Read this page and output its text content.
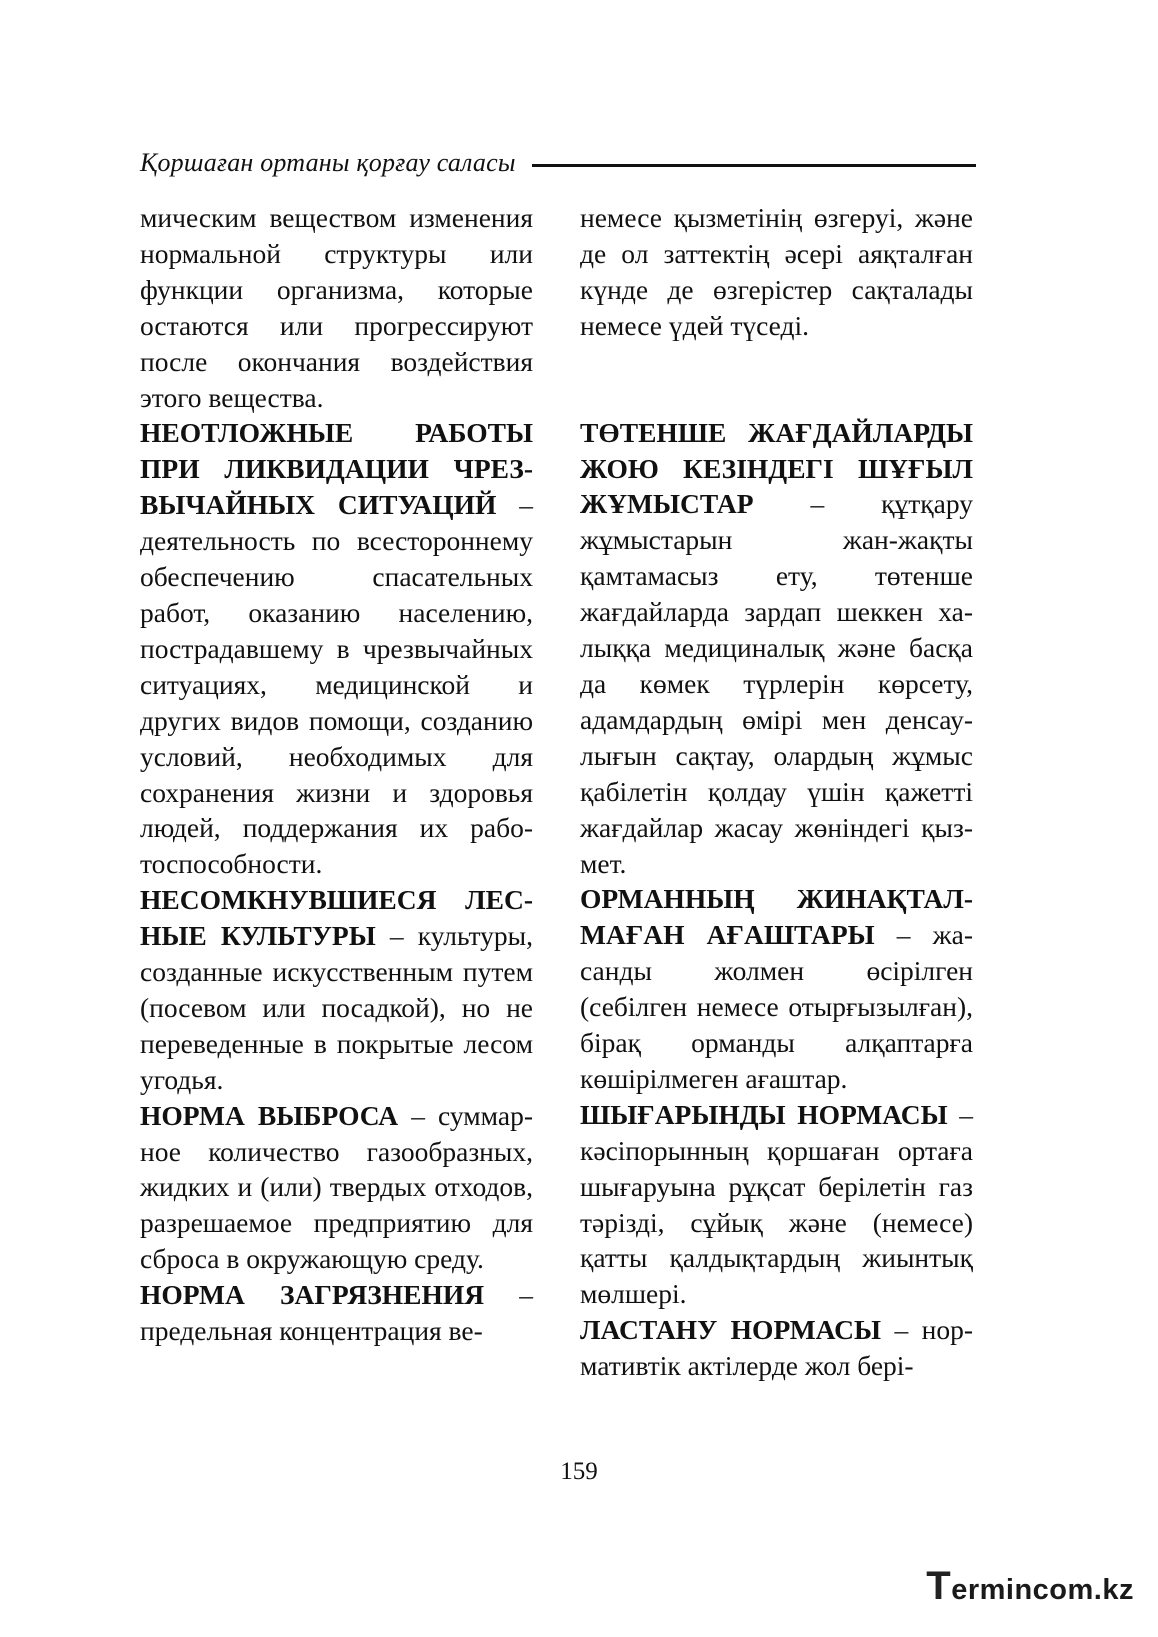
Қоршаған ортаны қорғау саласы

мическим веществом изменения нормальной структуры или функции организма, которые остаются или прогрессируют после окончания воздействия этого вещества.

НЕОТЛОЖНЫЕ РАБОТЫ ПРИ ЛИКВИДАЦИИ ЧРЕЗВЫЧАЙНЫХ СИТУАЦИЙ – деятельность по всестороннему обеспечению спасательных работ, оказанию населению, пострадавшему в чрезвычайных ситуациях, медицинской и других видов помощи, созданию условий, необходимых для сохранения жизни и здоровья людей, поддержания их работоспособности.

НЕСОМКНУВШИЕСЯ ЛЕСНЫЕ КУЛЬТУРЫ – культуры, созданные искусственным путем (посевом или посадкой), но не переведенные в покрытые лесом угодья.

НОРМА ВЫБРОСА – суммарное количество газообразных, жидких и (или) твердых отходов, разрешаемое предприятию для сброса в окружающую среду.

НОРМА ЗАГРЯЗНЕНИЯ – предельная концентрация ве-

немесе қызметінің өзгеруі, және де ол заттектің әсері аяқталған күнде де өзгерістер сақталады немесе үдей түседі.

ТӨТЕНШЕ ЖАҒДАЙЛАРДЫ ЖОЮ КЕЗІНДЕГІ ШҰҒЫЛ ЖҰМЫСТАР – құтқару жұмыстарын жан-жақты қамтамасыз ету, төтенше жағдайларда зардап шеккен халыққа медициналық және басқа да көмек түрлерін көрсету, адамдардың өмірі мен денсаулығын сақтау, олардың жұмыс қабілетін қолдау үшін қажетті жағдайлар жасау жөніндегі қызмет.

ОРМАННЫҢ ЖИНАҚТАЛМАҒАН АҒАШТАРЫ – жасанды жолмен өсірілген (себілген немесе отырғызылған), бірақ орманды алқаптарға көшірілмеген ағаштар.

ШЫҒАРЫНДЫ НОРМАСЫ – кәсіпорынның қоршаған ортаға шығаруына рұқсат берілетін газ тәрізді, сұйық және (немесе) қатты қалдықтардың жиынтық мөлшері.

ЛАСТАНУ НОРМАСЫ – нормативтік актілерде жол бері-

159
T ermincom.kz
